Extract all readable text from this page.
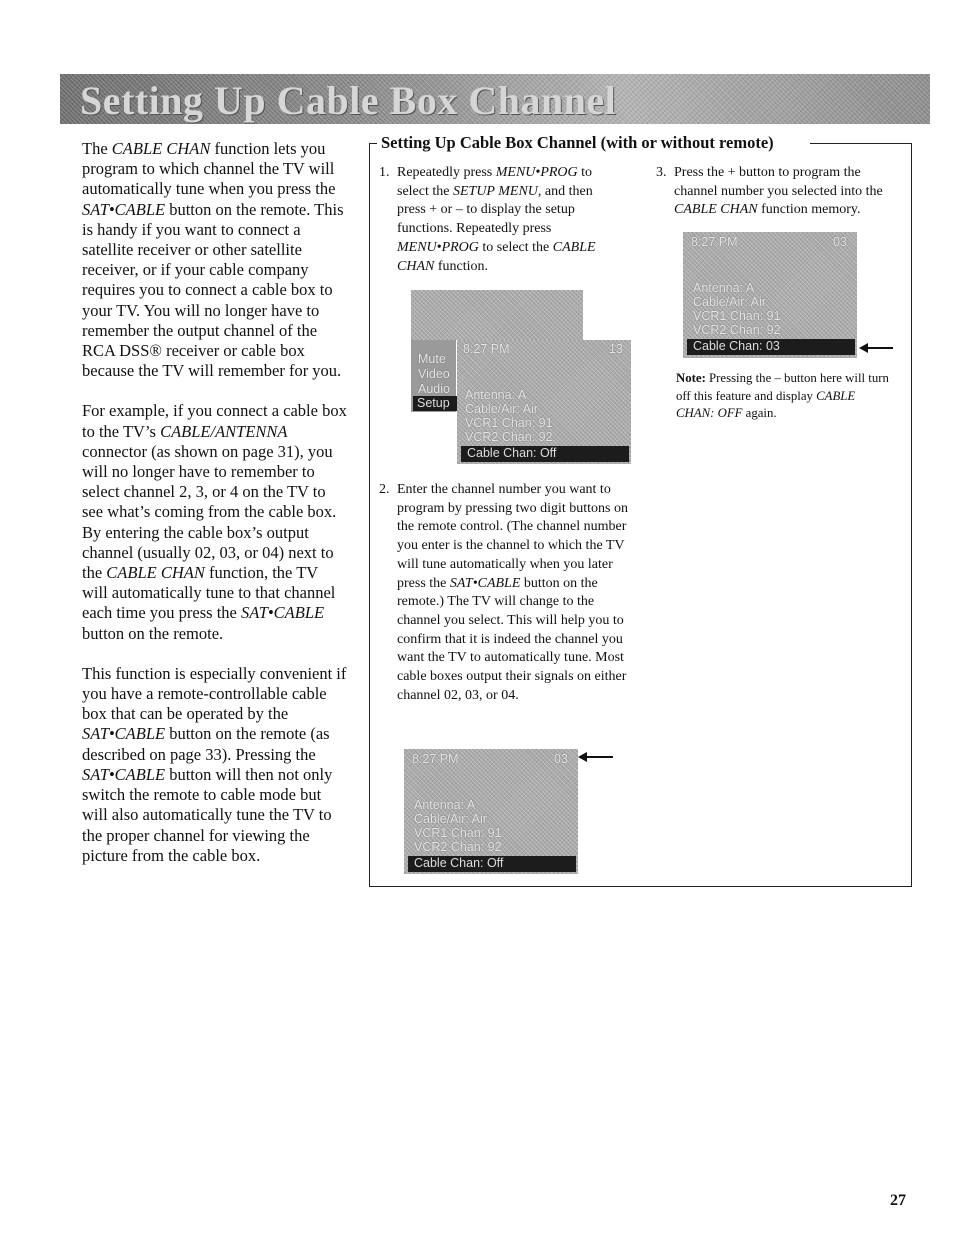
Setting Up Cable Box Channel

The CABLE CHAN function lets you program to which channel the TV will automatically tune when you press the SAT•CABLE button on the remote. This is handy if you want to connect a satellite receiver or other satellite receiver, or if your cable company requires you to connect a cable box to your TV. You will no longer have to remember the output channel of the RCA DSS® receiver or cable box because the TV will remember for you.

For example, if you connect a cable box to the TV’s CABLE/ANTENNA connector (as shown on page 31), you will no longer have to remember to select channel 2, 3, or 4 on the TV to see what’s coming from the cable box. By entering the cable box’s output channel (usually 02, 03, or 04) next to the CABLE CHAN function, the TV will automatically tune to that channel each time you press the SAT•CABLE button on the remote.

This function is especially convenient if you have a remote-controllable cable box that can be operated by the SAT•CABLE button on the remote (as described on page 33). Pressing the SAT•CABLE button will then not only switch the remote to cable mode but will also automatically tune the TV to the proper channel for viewing the picture from the cable box.

Setting Up Cable Box Channel (with or without remote)
1. Repeatedly press MENU•PROG to select the SETUP MENU, and then press + or – to display the setup functions. Repeatedly press MENU•PROG to select the CABLE CHAN function.
Mute
Video
Audio
Setup
8:27 PM	13
Antenna: A
Cable/Air: Air
VCR1 Chan: 91
VCR2 Chan: 92
Cable Chan: Off
2. Enter the channel number you want to program by pressing two digit buttons on the remote control. (The channel number you enter is the channel to which the TV will tune automatically when you later press the SAT•CABLE button on the remote.) The TV will change to the channel you select. This will help you to confirm that it is indeed the channel you want the TV to automatically tune. Most cable boxes output their signals on either channel 02, 03, or 04.
8:27 PM	03
Antenna: A
Cable/Air: Air
VCR1 Chan: 91
VCR2 Chan: 92
Cable Chan: Off
3. Press the + button to program the channel number you selected into the CABLE CHAN function memory.
8:27 PM	03
Antenna: A
Cable/Air: Air
VCR1 Chan: 91
VCR2 Chan: 92
Cable Chan: 03
Note: Pressing the – button here will turn off this feature and display CABLE CHAN: OFF again.
27
